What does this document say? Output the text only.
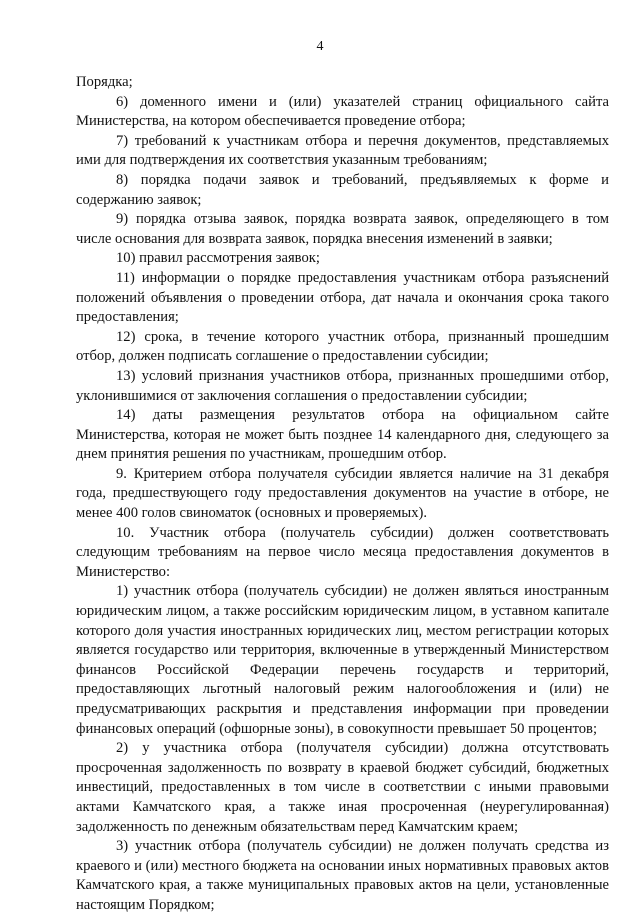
4

Порядка;

6) доменного имени и (или) указателей страниц официального сайта Министерства, на котором обеспечивается проведение отбора;

7) требований к участникам отбора и перечня документов, представляемых ими для подтверждения их соответствия указанным требованиям;

8) порядка подачи заявок и требований, предъявляемых к форме и содержанию заявок;

9) порядка отзыва заявок, порядка возврата заявок, определяющего в том числе основания для возврата заявок, порядка внесения изменений в заявки;

10) правил рассмотрения заявок;

11) информации о порядке предоставления участникам отбора разъяснений положений объявления о проведении отбора, дат начала и окончания срока такого предоставления;

12) срока, в течение которого участник отбора, признанный прошедшим отбор, должен подписать соглашение о предоставлении субсидии;

13) условий признания участников отбора, признанных прошедшими отбор, уклонившимися от заключения соглашения о предоставлении субсидии;

14) даты размещения результатов отбора на официальном сайте Министерства, которая не может быть позднее 14 календарного дня, следующего за днем принятия решения по участникам, прошедшим отбор.

9. Критерием отбора получателя субсидии является наличие на 31 декабря года, предшествующего году предоставления документов на участие в отборе, не менее 400 голов свиноматок (основных и проверяемых).

10. Участник отбора (получатель субсидии) должен соответствовать следующим требованиям на первое число месяца предоставления документов в Министерство:

1) участник отбора (получатель субсидии) не должен являться иностранным юридическим лицом, а также российским юридическим лицом, в уставном капитале которого доля участия иностранных юридических лиц, местом регистрации которых является государство или территория, включенные в утвержденный Министерством финансов Российской Федерации перечень государств и территорий, предоставляющих льготный налоговый режим налогообложения и (или) не предусматривающих раскрытия и представления информации при проведении финансовых операций (офшорные зоны), в совокупности превышает 50 процентов;

2) у участника отбора (получателя субсидии) должна отсутствовать просроченная задолженность по возврату в краевой бюджет субсидий, бюджетных инвестиций, предоставленных в том числе в соответствии с иными правовыми актами Камчатского края, а также иная просроченная (неурегулированная) задолженность по денежным обязательствам перед Камчатским краем;

3) участник отбора (получатель субсидии) не должен получать средства из краевого и (или) местного бюджета на основании иных нормативных правовых актов Камчатского края, а также муниципальных правовых актов на цели, установленные настоящим Порядком;
